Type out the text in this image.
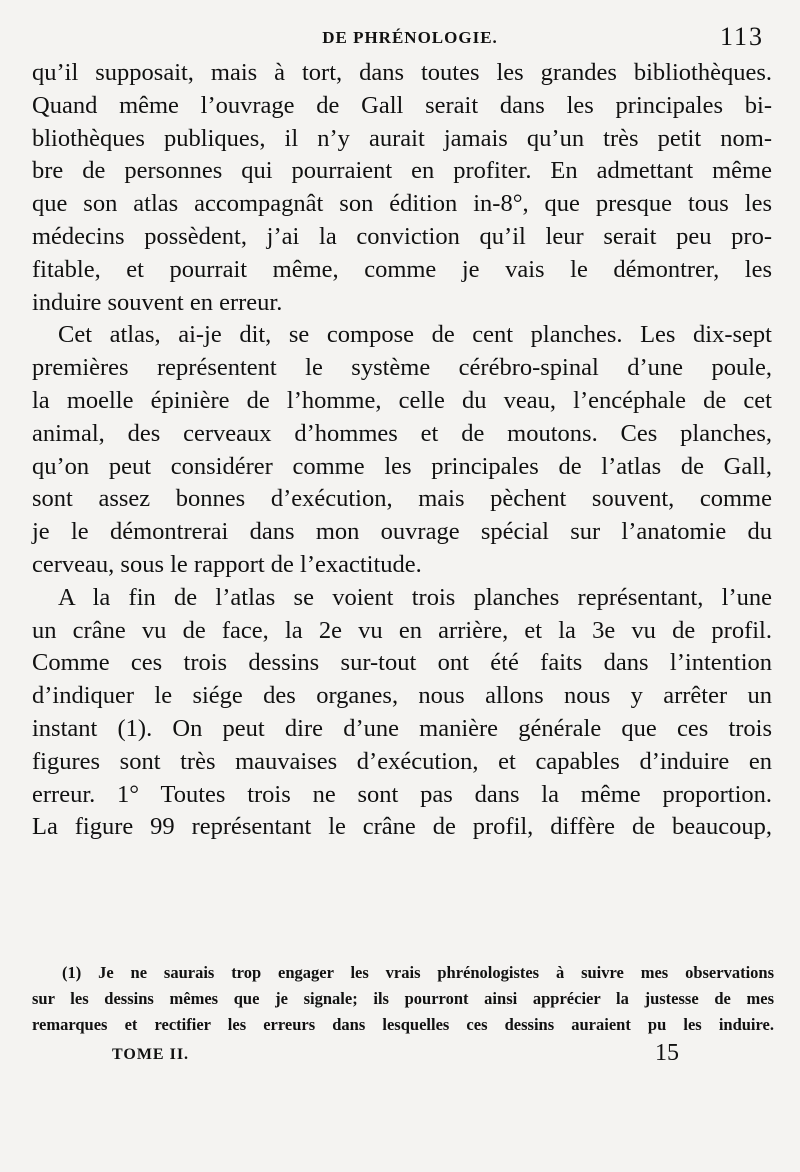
DE PHRÉNOLOGIE.	113
qu’il supposait, mais à tort, dans toutes les grandes bibliothèques.
Quand même l’ouvrage de Gall serait dans les principales bi-
bliothèques publiques, il n’y aurait jamais qu’un très petit nom-
bre de personnes qui pourraient en profiter. En admettant même
que son atlas accompagnât son édition in-8°, que presque tous les
médecins possèdent, j’ai la conviction qu’il leur serait peu pro-
fitable, et pourrait même, comme je vais le démontrer, les
induire souvent en erreur.
Cet atlas, ai-je dit, se compose de cent planches. Les dix-sept
premières représentent le système cérébro-spinal d’une poule,
la moelle épinière de l’homme, celle du veau, l’encéphale de cet
animal, des cerveaux d’hommes et de moutons. Ces planches,
qu’on peut considérer comme les principales de l’atlas de Gall,
sont assez bonnes d’exécution, mais pèchent souvent, comme
je le démontrerai dans mon ouvrage spécial sur l’anatomie du
cerveau, sous le rapport de l’exactitude.
A la fin de l’atlas se voient trois planches représentant, l’une
un crâne vu de face, la 2e vu en arrière, et la 3e vu de profil.
Comme ces trois dessins sur-tout ont été faits dans l’intention
d’indiquer le siége des organes, nous allons nous y arrêter un
instant (1). On peut dire d’une manière générale que ces trois
figures sont très mauvaises d’exécution, et capables d’induire en
erreur. 1° Toutes trois ne sont pas dans la même proportion.
La figure 99 représentant le crâne de profil, diffère de beaucoup,
(1) Je ne saurais trop engager les vrais phrénologistes à suivre mes observations
sur les dessins mêmes que je signale; ils pourront ainsi apprécier la justesse de mes
remarques et rectifier les erreurs dans lesquelles ces dessins auraient pu les induire.
TOME II.	15
